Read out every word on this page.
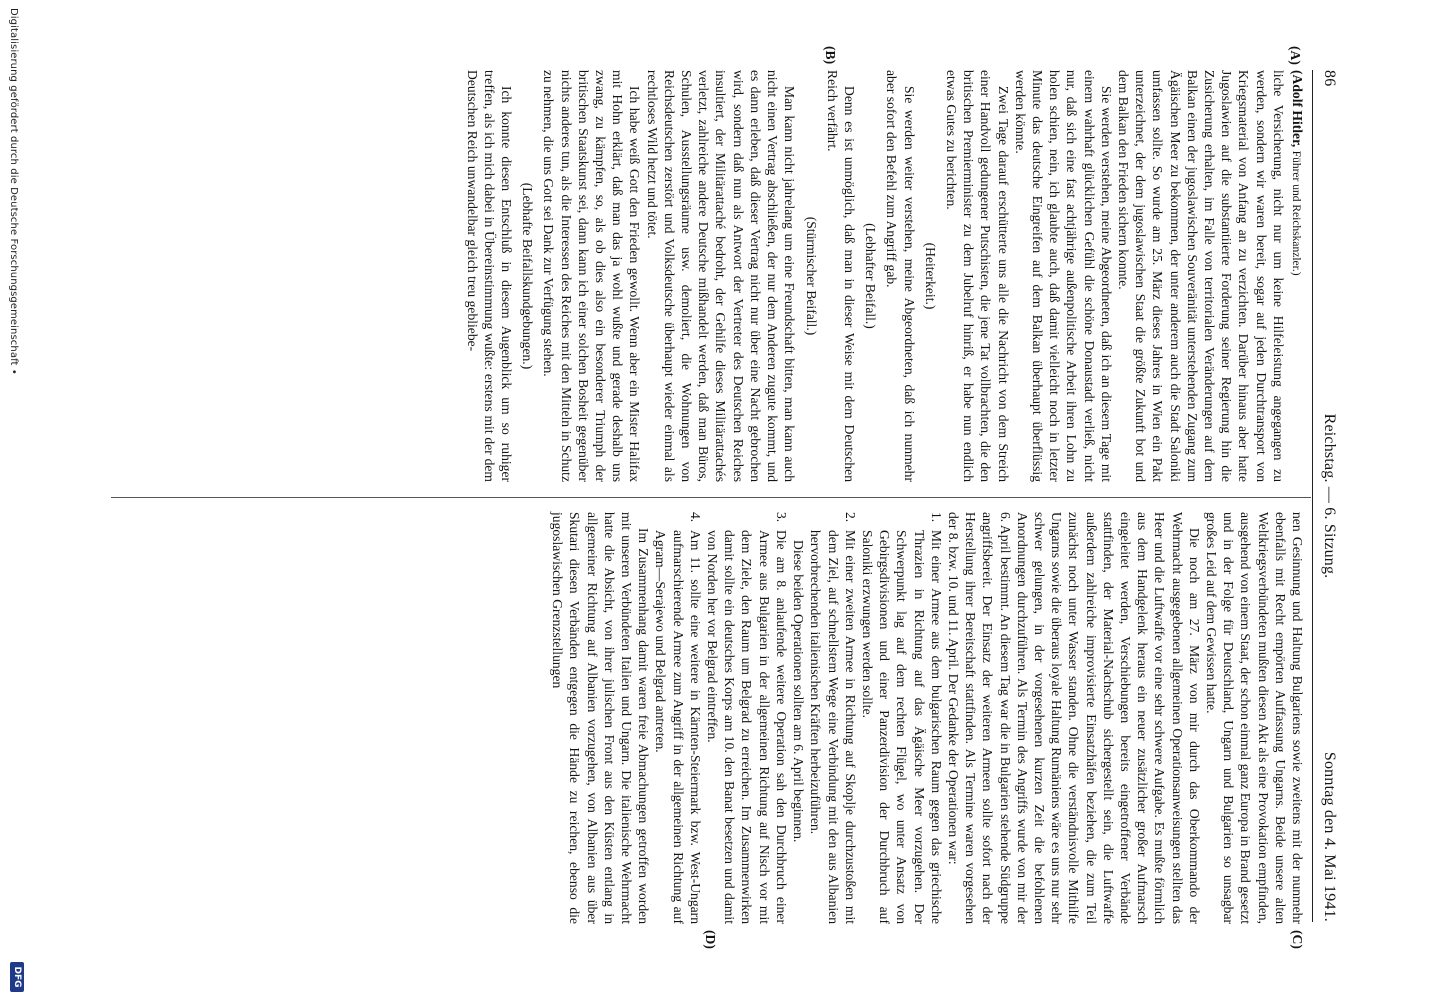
86
Reichstag. — 6. Sitzung.
Sonntag den 4. Mai 1941.
(A)
(B)
(C)
(D)

(Adolf Hitler, Führer und Reichskanzler.)

liche Versicherung, nicht nur um keine Hilfeleistung angegangen zu werden, sondern wir waren bereit, sogar auf jeden Durchtransport von Kriegsmaterial von Anfang an zu verzichten. Darüber hinaus aber hatte Jugoslawien auf die substantiierte Forderung seiner Regierung hin die Zusicherung erhalten, im Falle von territorialen Veränderungen auf dem Balkan einen der jugoslawischen Souveränität unterstehenden Zugang zum Ägäischen Meer zu bekommen, der unter anderem auch die Stadt Saloniki umfassen sollte. So wurde am 25. März dieses Jahres in Wien ein Pakt unterzeichnet, der dem jugoslawischen Staat die größte Zukunft bot und dem Balkan den Frieden sichern konnte.

Sie werden verstehen, meine Abgeordneten, daß ich an diesem Tage mit einem wahrhaft glücklichen Gefühl die schöne Donaustadt verließ, nicht nur, daß sich eine fast achtjährige außenpolitische Arbeit ihren Lohn zu holen schien, nein, ich glaubte auch, daß damit vielleicht noch in letzter Minute das deutsche Eingreifen auf dem Balkan überhaupt überflüssig werden könnte.

Zwei Tage darauf erschütterte uns alle die Nachricht von dem Streich einer Handvoll gedungener Putschisten, die jene Tat vollbrachten, die den britischen Premierminister zu dem Jubelruf hinriß, er habe nun endlich etwas Gutes zu berichten.

(Heiterkeit.)

Sie werden weiter verstehen, meine Abgeordneten, daß ich nunmehr aber sofort den Befehl zum Angriff gab.

(Lebhafter Beifall.)

Denn es ist unmöglich, daß man in dieser Weise mit dem Deutschen Reich verfährt.

(Stürmischer Beifall.)

Man kann nicht jahrelang um eine Freundschaft bitten, man kann auch nicht einen Vertrag abschließen, der nur dem Anderen zugute kommt, und es dann erleben, daß dieser Vertrag nicht nur über eine Nacht gebrochen wird, sondern daß nun als Antwort der Vertreter des Deutschen Reiches insultiert, der Militärattaché bedroht, der Gehilfe dieses Militärattachés verletzt, zahlreiche andere Deutsche mißhandelt werden, daß man Büros, Schulen, Ausstellungsräume usw. demoliert, die Wohnungen von Reichsdeutschen zerstört und Volksdeutsche überhaupt wieder einmal als rechtloses Wild hetzt und tötet.

Ich habe weiß Gott den Frieden gewollt. Wenn aber ein Mister Halifax mit Hohn erklärt, daß man das ja wohl wußte und gerade deshalb uns zwang, zu kämpfen, so, als ob dies also ein besonderer Triumph der britischen Staatskunst sei, dann kann ich einer solchen Bosheit gegenüber nichts anderes tun, als die Interessen des Reiches mit den Mitteln in Schutz zu nehmen, die uns Gott sei Dank zur Verfügung stehen.

(Lebhafte Beifallskundgebungen.)

Ich konnte diesen Entschluß in diesem Augenblick um so ruhiger treffen, als ich mich dabei in Übereinstimmung wußte: erstens mit der dem Deutschen Reich unwandelbar gleich treu gebliebe-

nen Gesinnung und Haltung Bulgariens sowie zweitens mit der nunmehr ebenfalls mit Recht empörten Auffassung Ungarns. Beide unsere alten Weltkriegsverbündeten mußten diesen Akt als eine Provokation empfinden, ausgehend von einem Staat, der schon einmal ganz Europa in Brand gesetzt und in der Folge für Deutschland, Ungarn und Bulgarien so unsagbar großes Leid auf dem Gewissen hatte.

Die noch am 27. März von mir durch das Oberkommando der Wehrmacht ausgegebenen allgemeinen Operationsanweisungen stellten das Heer und die Luftwaffe vor eine sehr schwere Aufgabe. Es mußte förmlich aus dem Handgelenk heraus ein neuer zusätzlicher großer Aufmarsch eingeleitet werden, Verschiebungen bereits eingetroffener Verbände stattfinden, der Material-Nachschub sichergestellt sein, die Luftwaffe außerdem zahlreiche improvisierte Einsatzhäfen beziehen, die zum Teil zunächst noch unter Wasser standen. Ohne die verständnisvolle Mithilfe Ungarns sowie die überaus loyale Haltung Rumäniens wäre es uns nur sehr schwer gelungen, in der vorgesehenen kurzen Zeit die befohlenen Anordnungen durchzuführen. Als Termin des Angriffs wurde von mir der 6. April bestimmt. An diesem Tag war die in Bulgarien stehende Südgruppe angriffsbereit. Der Einsatz der weiteren Armeen sollte sofort nach der Herstellung ihrer Bereitschaft stattfinden. Als Termine waren vorgesehen der 8. bzw. 10. und 11. April. Der Gedanke der Operationen war:

1.
Mit einer Armee aus dem bulgarischen Raum gegen das griechische Thrazien in Richtung auf das Ägäische Meer vorzugehen. Der Schwerpunkt lag auf dem rechten Flügel, wo unter Ansatz von Gebirgsdivisionen und einer Panzerdivision der Durchbruch auf Saloniki erzwungen werden sollte.
2.
Mit einer zweiten Armee in Richtung auf Skoplje durchzustoßen mit dem Ziel, auf schnellstem Wege eine Verbindung mit den aus Albanien hervorbrechenden italienischen Kräften herbeizuführen.
Diese beiden Operationen sollten am 6. April beginnen.
3.
Die am 8. anlaufende weitere Operation sah den Durchbruch einer Armee aus Bulgarien in der allgemeinen Richtung auf Nisch vor mit dem Ziele, den Raum um Belgrad zu erreichen. Im Zusammenwirken damit sollte ein deutsches Korps am 10. den Banat besetzen und damit von Norden her vor Belgrad eintreffen.
4.
Am 11. sollte eine weitere in Kärnten-Steiermark bzw. West-Ungarn aufmarschierende Armee zum Angriff in der allgemeinen Richtung auf Agram—Serajewo und Belgrad antreten.

Im Zusammenhang damit waren freie Abmachungen getroffen worden mit unseren Verbündeten Italien und Ungarn. Die italienische Wehrmacht hatte die Absicht, von ihrer julischen Front aus den Küsten entlang in allgemeiner Richtung auf Albanien vorzugehen, von Albanien aus über Skutari diesen Verbänden entgegen die Hände zu reichen, ebenso die jugoslawischen Grenzstellungen

Digitalisierung gefördert durch die Deutsche Forschungsgemeinschaft •
DFG
